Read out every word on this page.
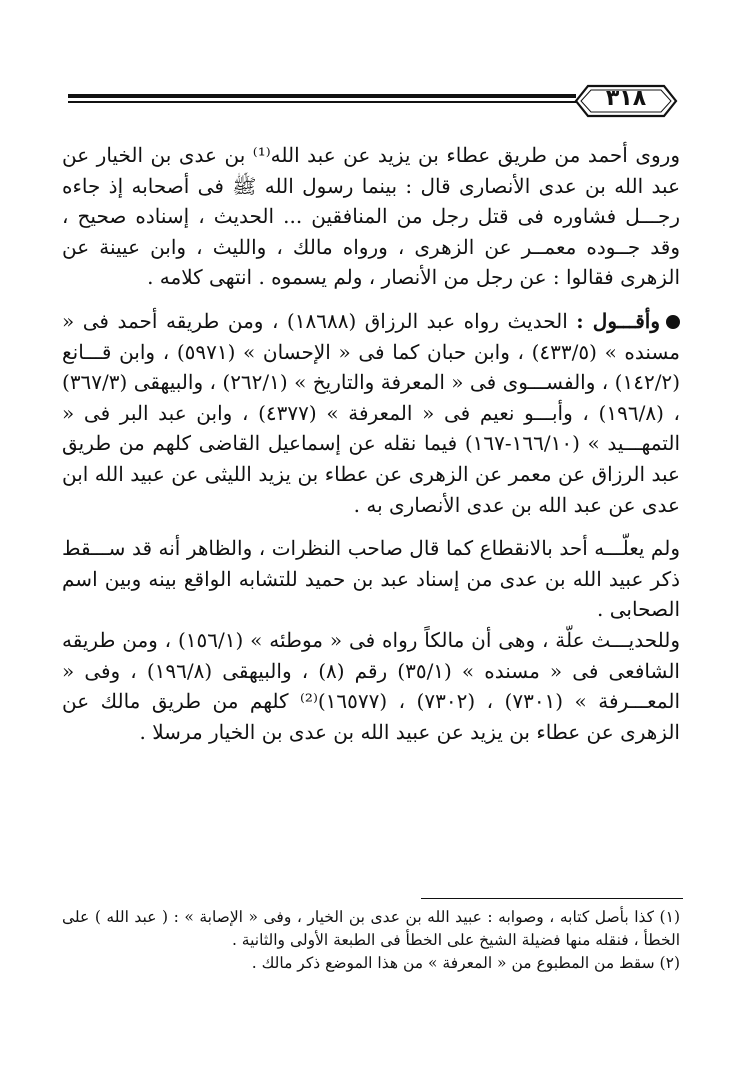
٣١٨

وروى أحمد من طريق عطاء بن يزيد عن عبد الله⁽¹⁾ بن عدى بن الخيار عن عبد الله بن عدى الأنصارى قال : بينما رسول الله ﷺ فى أصحابه إذ جاءه رجـــل فشاوره فى قتل رجل من المنافقين ... الحديث ، إسناده صحيح ، وقد جــوده معمــر عن الزهرى ، ورواه مالك ، والليث ، وابن عيينة عن الزهرى فقالوا : عن رجل من الأنصار ، ولم يسموه . انتهى كلامه .

وأقـــول : الحديث رواه عبد الرزاق (١٨٦٨٨) ، ومن طريقه أحمد فى « مسنده » (٤٣٣/٥) ، وابن حبان كما فى « الإحسان » (٥٩٧١) ، وابن قـــانع (١٤٢/٢) ، والفســـوى فى « المعرفة والتاريخ » (٢٦٢/١) ، والبيهقى (٣٦٧/٣) ، (١٩٦/٨) ، وأبـــو نعيم فى « المعرفة » (٤٣٧٧) ، وابن عبد البر فى « التمهـــيد » (١٦٦/١٠-١٦٧) فيما نقله عن إسماعيل القاضى كلهم من طريق عبد الرزاق عن معمر عن الزهرى عن عطاء بن يزيد الليثى عن عبيد الله ابن عدى عن عبد الله بن عدى الأنصارى به .

ولم يعلّـــه أحد بالانقطاع كما قال صاحب النظرات ، والظاهر أنه قد ســـقط ذكر عبيد الله بن عدى من إسناد عبد بن حميد للتشابه الواقع بينه وبين اسم الصحابى .

وللحديـــث علّة ، وهى أن مالكاً رواه فى « موطئه » (١٥٦/١) ، ومن طريقه الشافعى فى « مسنده » (٣٥/١) رقم (٨) ، والبيهقى (١٩٦/٨) ، وفى « المعـــرفة » (٧٣٠١) ، (٧٣٠٢) ، (١٦٥٧٧)⁽²⁾ كلهم من طريق مالك عن الزهرى عن عطاء بن يزيد عن عبيد الله بن عدى بن الخيار مرسلا .

(١) كذا بأصل كتابه ، وصوابه : عبيد الله بن عدى بن الخيار ، وفى « الإصابة » : ( عبد الله ) على الخطأ ، فنقله منها فضيلة الشيخ على الخطأ فى الطبعة الأولى والثانية .

(٢) سقط من المطبوع من « المعرفة » من هذا الموضع ذكر مالك .
